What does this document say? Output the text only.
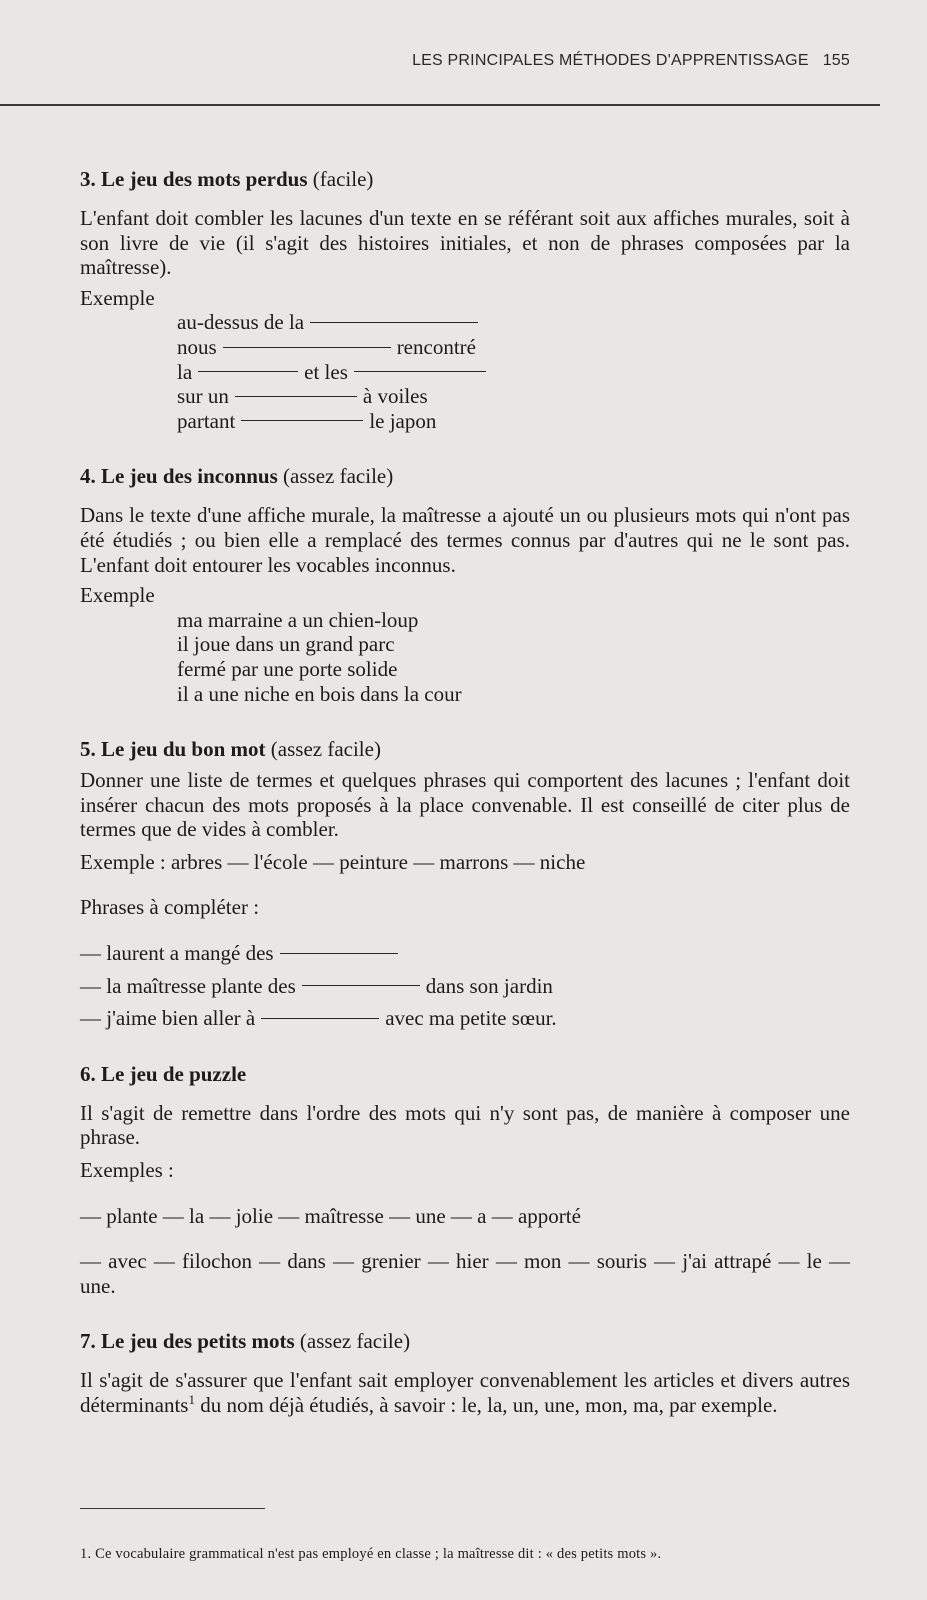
LES PRINCIPALES MÉTHODES D'APPRENTISSAGE 155

3. Le jeu des mots perdus (facile)

L'enfant doit combler les lacunes d'un texte en se référant soit aux affiches murales, soit à son livre de vie (il s'agit des histoires initiales, et non de phrases composées par la maîtresse).

Exemple

au-dessus de la
nous	rencontré
la	et les
sur un	à voiles
partant	le japon

4. Le jeu des inconnus (assez facile)

Dans le texte d'une affiche murale, la maîtresse a ajouté un ou plusieurs mots qui n'ont pas été étudiés ; ou bien elle a remplacé des termes connus par d'autres qui ne le sont pas. L'enfant doit entourer les vocables inconnus.

Exemple

ma marraine a un chien-loup
il joue dans un grand parc
fermé par une porte solide
il a une niche en bois dans la cour

5. Le jeu du bon mot (assez facile)

Donner une liste de termes et quelques phrases qui comportent des lacunes ; l'enfant doit insérer chacun des mots proposés à la place convenable. Il est conseillé de citer plus de termes que de vides à combler.

Exemple : arbres — l'école — peinture — marrons — niche

Phrases à compléter :

— laurent a mangé des
— la maîtresse plante des	dans son jardin
— j'aime bien aller à	avec ma petite sœur.

6. Le jeu de puzzle

Il s'agit de remettre dans l'ordre des mots qui n'y sont pas, de manière à composer une phrase.

Exemples :

— plante — la — jolie — maîtresse — une — a — apporté

— avec — filochon — dans — grenier — hier — mon — souris — j'ai attrapé — le — une.

7. Le jeu des petits mots (assez facile)

Il s'agit de s'assurer que l'enfant sait employer convenablement les articles et divers autres déterminants$^1$ du nom déjà étudiés, à savoir : le, la, un, une, mon, ma, par exemple.

1. Ce vocabulaire grammatical n'est pas employé en classe ; la maîtresse dit : « des petits mots ».
